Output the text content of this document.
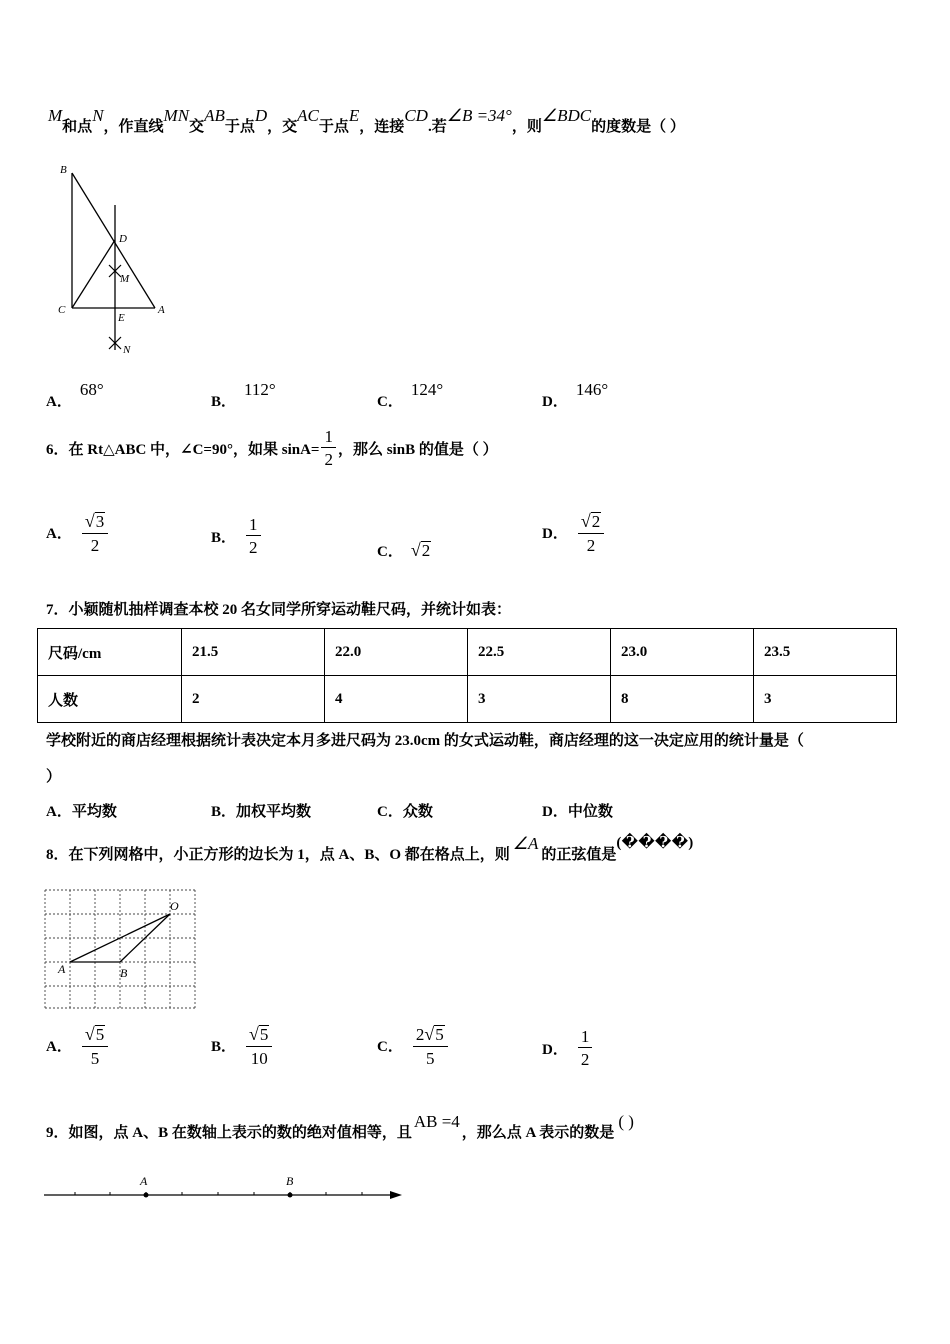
M
和点
N
，作直线
MN
交
AB
于点
D
，交
AC
于点
E
，连接
CD
.若
∠B =34°
，则
∠BDC
的度数是（ ）
B
D
M
C	A
E
N
A．
68°
B．
112°
C．
124°
D．
146°
6．在 Rt△ABC 中，∠C=90°，如果 $\sin A= \frac{1}{2}$ ，那么 sinB 的值是（ ）
A． $\frac{√ 3}{2}$	B． $\frac{1}{2}$	C． √ 2
D． $\frac{√ 2}{2}$
7．小颖随机抽样调查本校 20 名女同学所穿运动鞋尺码，并统计如表：
尺码/cm	21.5	22.0	22.5	23.0	23.5
人数	2	4	3	8	3
学校附近的商店经理根据统计表决定本月多进尺码为 23.0cm 的女式运动鞋，商店经理的这一决定应用的统计量是（
）
A．平均数	B．加权平均数	C．众数	D．中位数
8．在下列网格中，小正方形的边长为 1，点 A、B、O 都在格点上，则
∠A
的正弦值是
(����)
O
A	B
A． $\frac{√ 5}{5}$	B． $\frac{√ 5}{10}$	C． $\frac{2 √ 5}{5}$	D． $\frac{1}{2}$
9．如图，点 A、B 在数轴上表示的数的绝对值相等，且
AB =4
，那么点 A 表示的数是
( )
A	B
